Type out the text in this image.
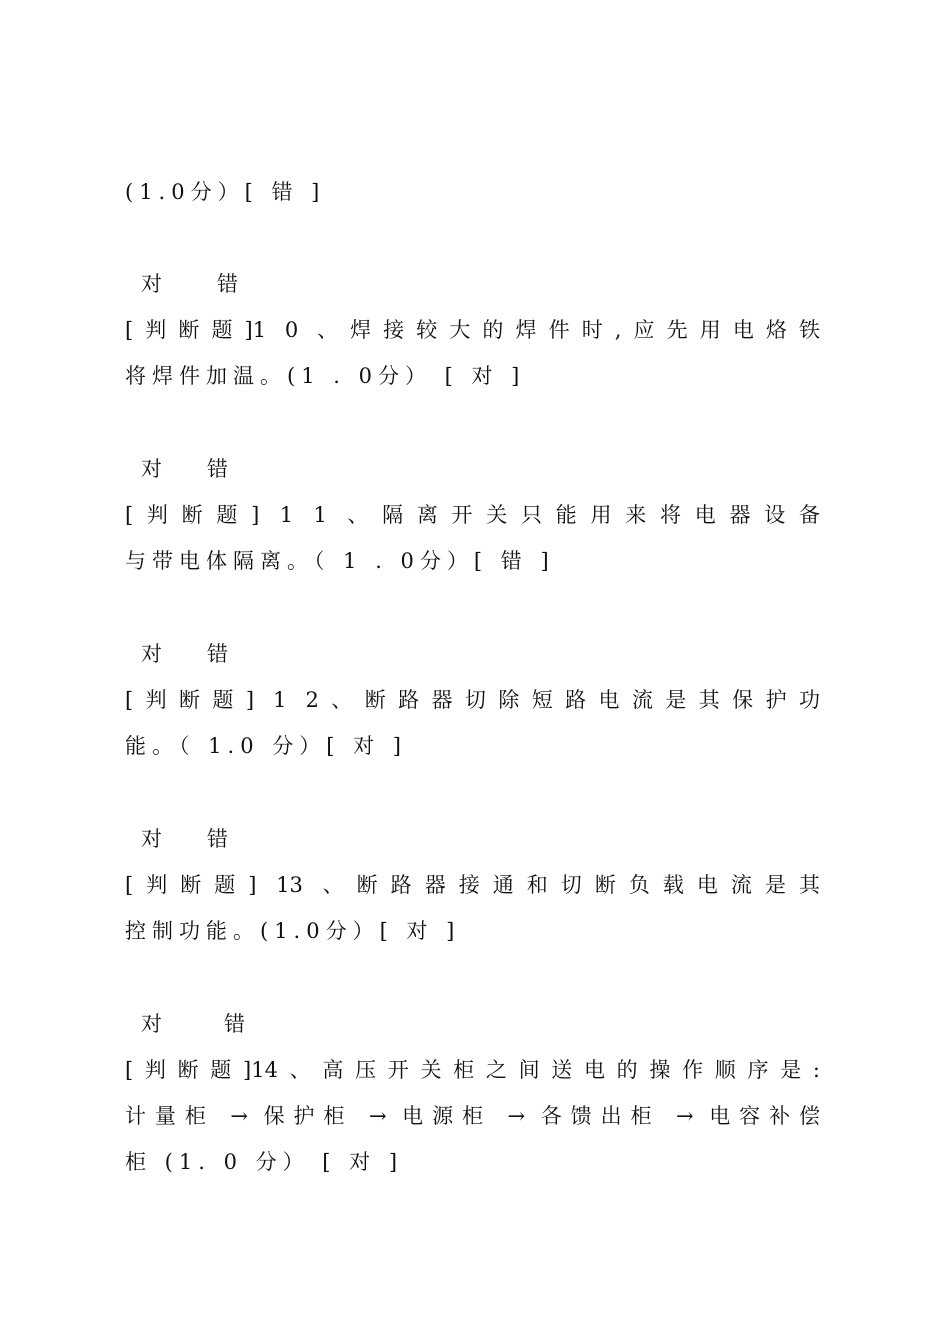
(1.0分）[ 错 ]
对	错
[判断题]1 0 、焊接较大的焊件时,应先用电烙铁
将焊件加温。(1 . 0分） [ 对 ]
对 错
[判断题] 1 1 、隔离开关只能用来将电器设备
与带电体隔离。（ 1 . 0分）[ 错 ]
对 错
[判断题] 1 2、断路器切除短路电流是其保护功
能。（ 1.0 分）[ 对 ]
对 错
[判断题] 13 、断路器接通和切断负载电流是其
控制功能。(1.0分）[ 对 ]
对	错
[判断题]14、高压开关柜之间送电的操作顺序是:
计量柜 → 保护柜 → 电源柜 → 各馈出柜 → 电容补偿
柜 (1. 0 分） [ 对 ]
